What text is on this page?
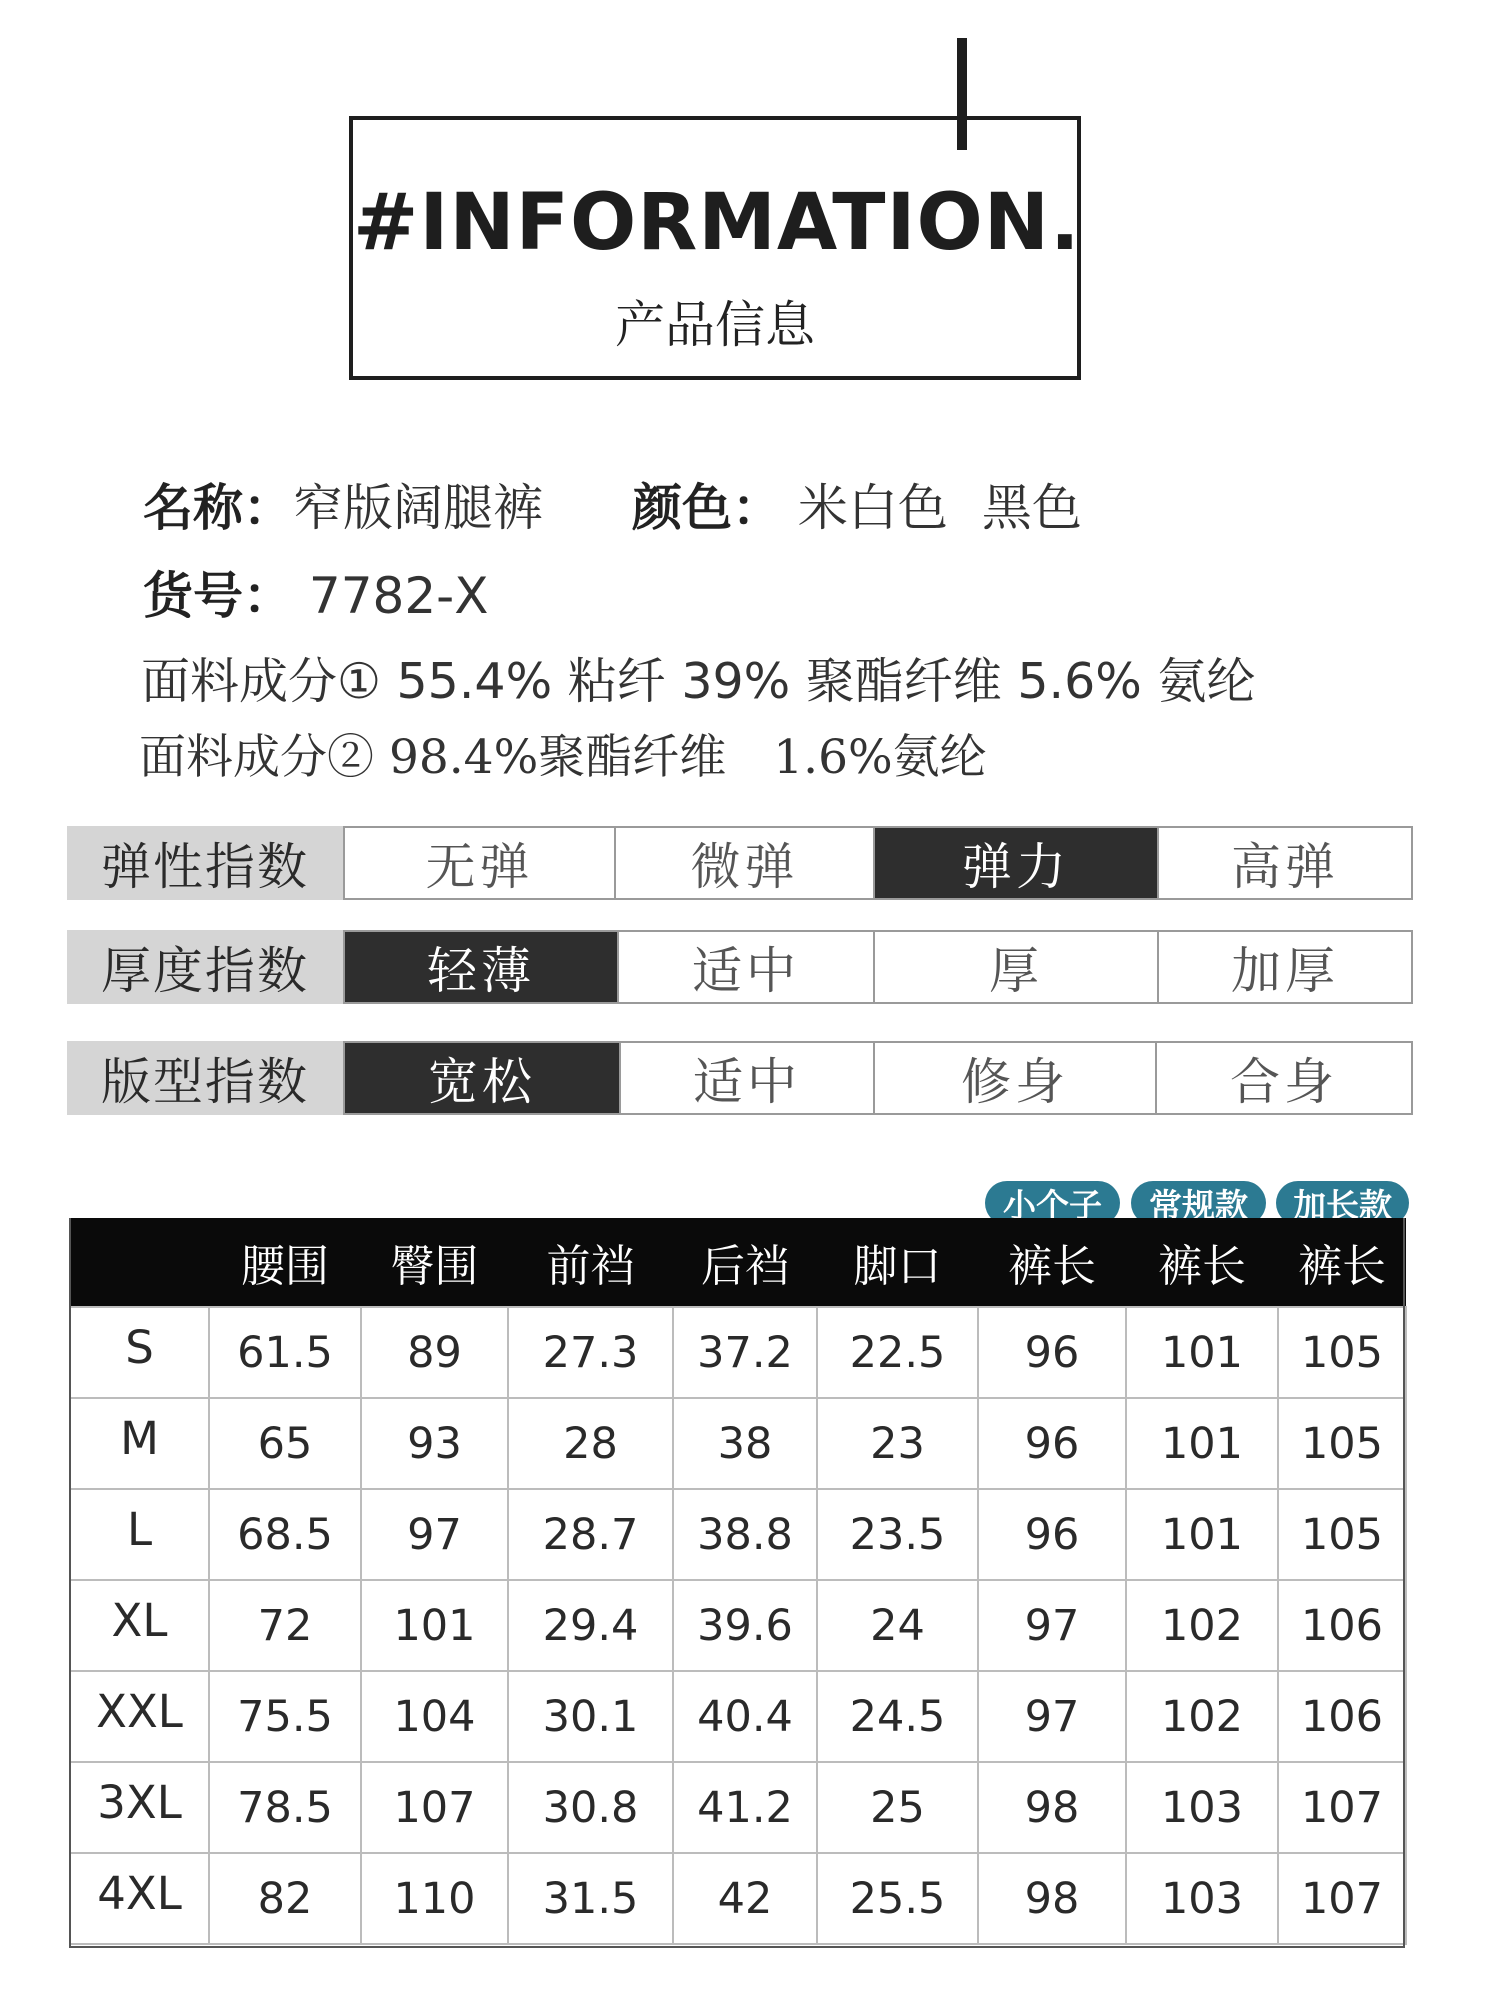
#INFORMATION.
产品信息
名称：窄版阔腿裤 颜色： 米白色 黑色
货号： 7782-X
面料成分① 55.4% 粘纤 39% 聚酯纤维 5.6% 氨纶
面料成分② 98.4%聚酯纤维　1.6%氨纶
弹性指数	无弹	微弹	弹力	高弹
厚度指数	轻薄	适中	厚	加厚
版型指数	宽松	适中	修身	合身
小个子	常规款	加长款
	腰围	臀围	前裆	后裆	脚口	裤长	裤长	裤长
S	61.5	89	27.3	37.2	22.5	96	101	105
M	65	93	28	38	23	96	101	105
L	68.5	97	28.7	38.8	23.5	96	101	105
XL	72	101	29.4	39.6	24	97	102	106
XXL	75.5	104	30.1	40.4	24.5	97	102	106
3XL	78.5	107	30.8	41.2	25	98	103	107
4XL	82	110	31.5	42	25.5	98	103	107
